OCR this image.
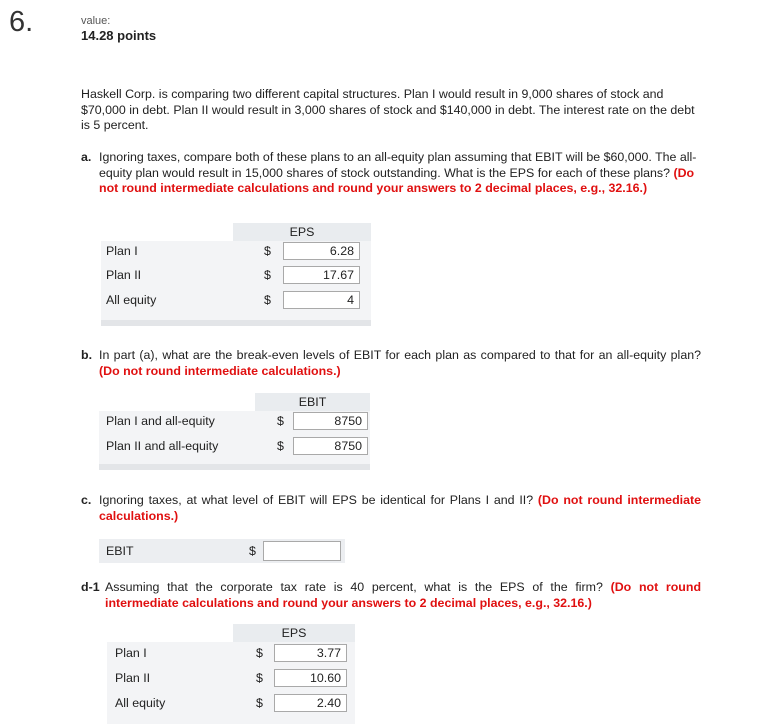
6.	value:
14.28 points
Haskell Corp. is comparing two different capital structures. Plan I would result in 9,000 shares of stock and $70,000 in debt. Plan II would result in 3,000 shares of stock and $140,000 in debt. The interest rate on the debt is 5 percent.
a. Ignoring taxes, compare both of these plans to an all-equity plan assuming that EBIT will be $60,000. The all-equity plan would result in 15,000 shares of stock outstanding. What is the EPS for each of these plans? (Do not round intermediate calculations and round your answers to 2 decimal places, e.g., 32.16.)
EPS
Plan I	$	6.28
Plan II	$	17.67
All equity	$	4
b. In part (a), what are the break-even levels of EBIT for each plan as compared to that for an all-equity plan? (Do not round intermediate calculations.)
EBIT
Plan I and all-equity	$	8750
Plan II and all-equity	$	8750
c. Ignoring taxes, at what level of EBIT will EPS be identical for Plans I and II? (Do not round intermediate calculations.)
EBIT	$
d-1 Assuming that the corporate tax rate is 40 percent, what is the EPS of the firm? (Do not round intermediate calculations and round your answers to 2 decimal places, e.g., 32.16.)
EPS
Plan I	$	3.77
Plan II	$	10.60
All equity	$	2.40
